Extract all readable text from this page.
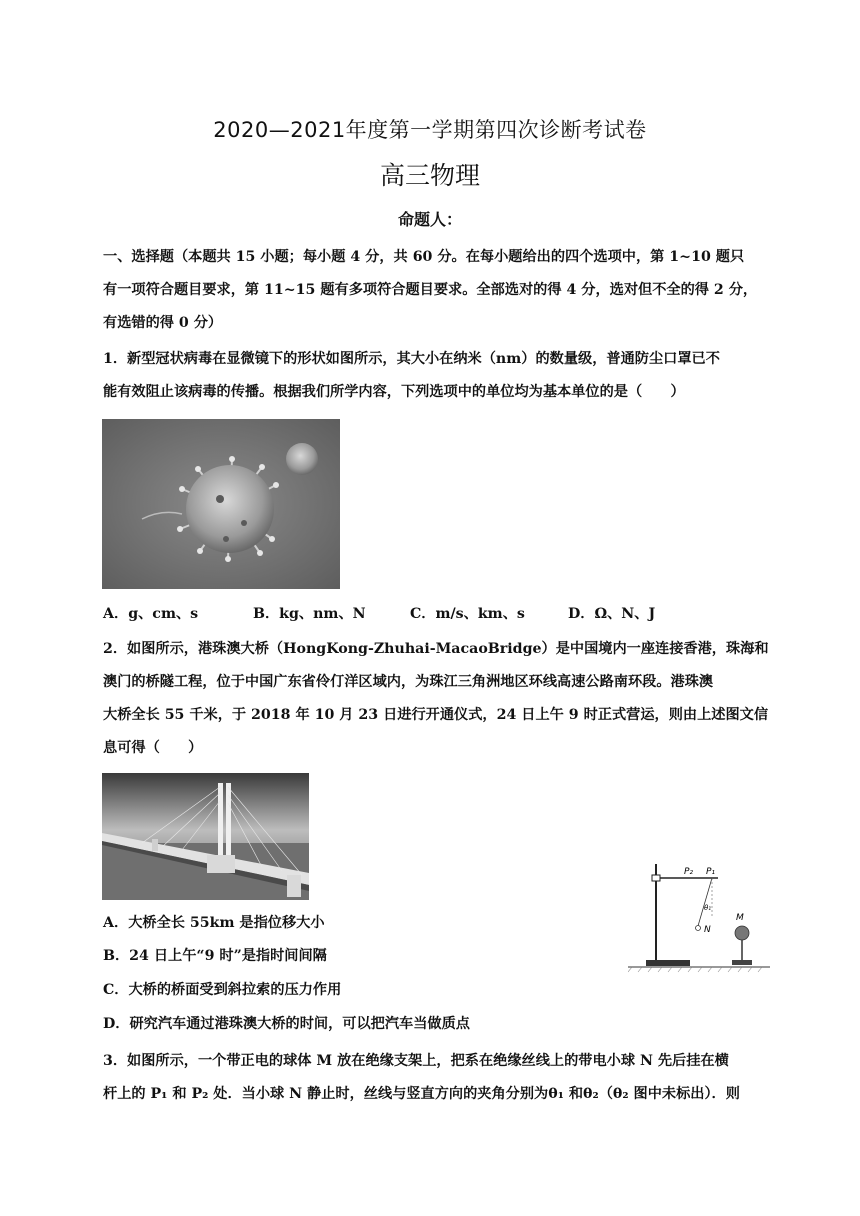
2020—2021年度第一学期第四次诊断考试卷
高三物理
命题人：
一、选择题（本题共 15 小题；每小题 4 分，共 60 分。在每小题给出的四个选项中，第 1~10 题只
有一项符合题目要求，第 11~15 题有多项符合题目要求。全部选对的得 4 分，选对但不全的得 2 分，
有选错的得 0 分）
1．新型冠状病毒在显微镜下的形状如图所示，其大小在纳米（nm）的数量级，普通防尘口罩已不
能有效阻止该病毒的传播。根据我们所学内容，下列选项中的单位均为基本单位的是（　　）
A．g、cm、s	B．kg、nm、N	C．m/s、km、s	D．Ω、N、J
2．如图所示，港珠澳大桥（HongKong-Zhuhai-MacaoBridge）是中国境内一座连接香港，珠海和
澳门的桥隧工程，位于中国广东省伶仃洋区域内，为珠江三角洲地区环线高速公路南环段。港珠澳
大桥全长 55 千米，于 2018 年 10 月 23 日进行开通仪式，24 日上午 9 时正式营运，则由上述图文信
息可得（　　）
A．大桥全长 55km 是指位移大小
B．24 日上午“9 时”是指时间间隔
C．大桥的桥面受到斜拉索的压力作用
D．研究汽车通过港珠澳大桥的时间，可以把汽车当做质点
3．如图所示，一个带正电的球体 M 放在绝缘支架上，把系在绝缘丝线上的带电小球 N 先后挂在横
杆上的 P₁ 和 P₂ 处．当小球 N 静止时，丝线与竖直方向的夹角分别为θ₁ 和θ₂（θ₂ 图中未标出）．则
P₂ P₁
θ₁
N
M
